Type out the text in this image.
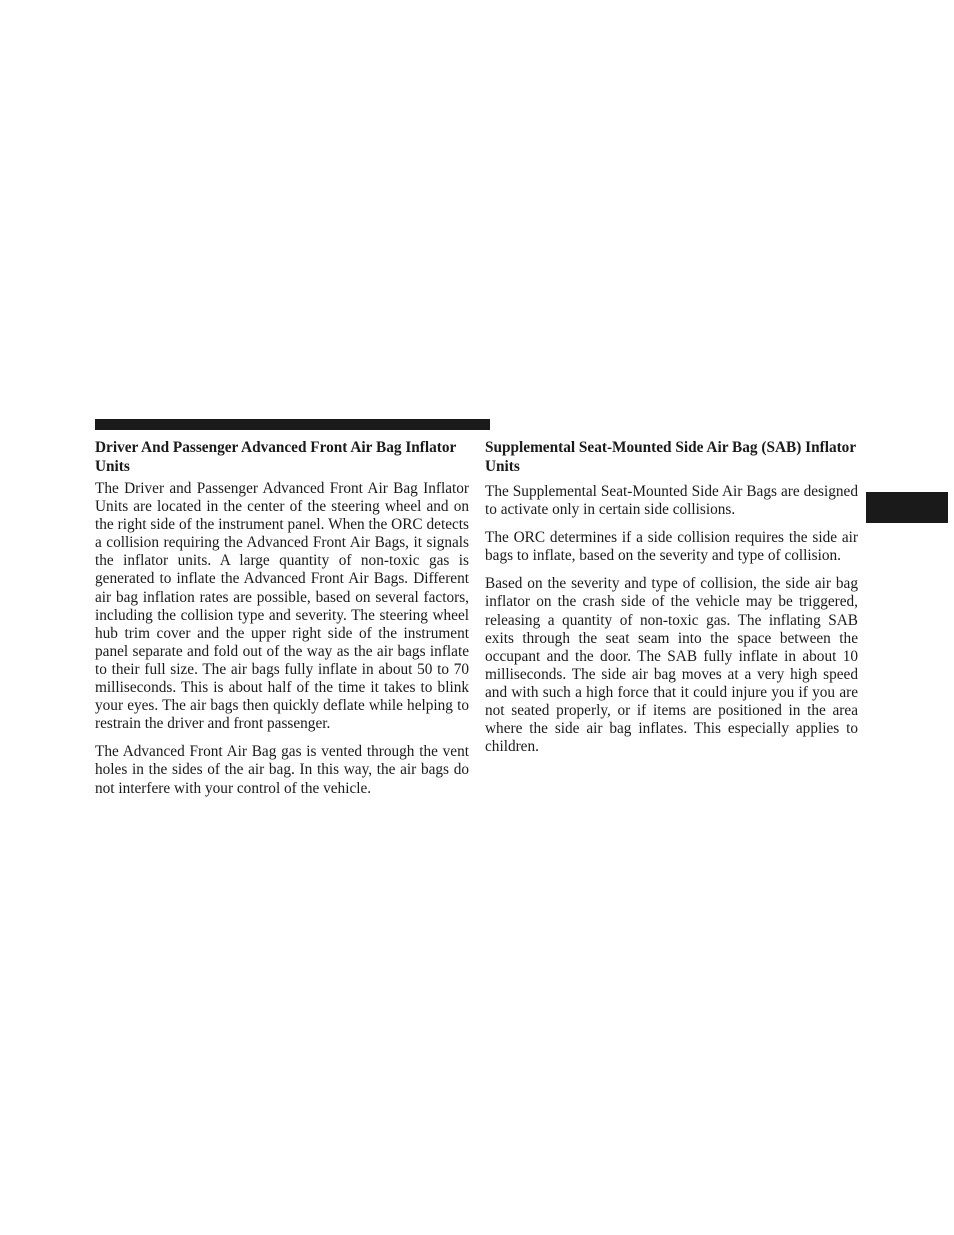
Driver And Passenger Advanced Front Air Bag Inflator Units

The Driver and Passenger Advanced Front Air Bag Inflator Units are located in the center of the steering wheel and on the right side of the instrument panel. When the ORC detects a collision requiring the Advanced Front Air Bags, it signals the inflator units. A large quantity of non-toxic gas is generated to inflate the Advanced Front Air Bags. Different air bag inflation rates are possible, based on several factors, including the collision type and severity. The steering wheel hub trim cover and the upper right side of the instrument panel separate and fold out of the way as the air bags inflate to their full size. The air bags fully inflate in about 50 to 70 milliseconds. This is about half of the time it takes to blink your eyes. The air bags then quickly deflate while helping to restrain the driver and front passenger.

The Advanced Front Air Bag gas is vented through the vent holes in the sides of the air bag. In this way, the air bags do not interfere with your control of the vehicle.

Supplemental Seat-Mounted Side Air Bag (SAB) Inflator Units

The Supplemental Seat-Mounted Side Air Bags are designed to activate only in certain side collisions.

The ORC determines if a side collision requires the side air bags to inflate, based on the severity and type of collision.

Based on the severity and type of collision, the side air bag inflator on the crash side of the vehicle may be triggered, releasing a quantity of non-toxic gas. The inflating SAB exits through the seat seam into the space between the occupant and the door. The SAB fully inflate in about 10 milliseconds. The side air bag moves at a very high speed and with such a high force that it could injure you if you are not seated properly, or if items are positioned in the area where the side air bag inflates. This especially applies to children.
